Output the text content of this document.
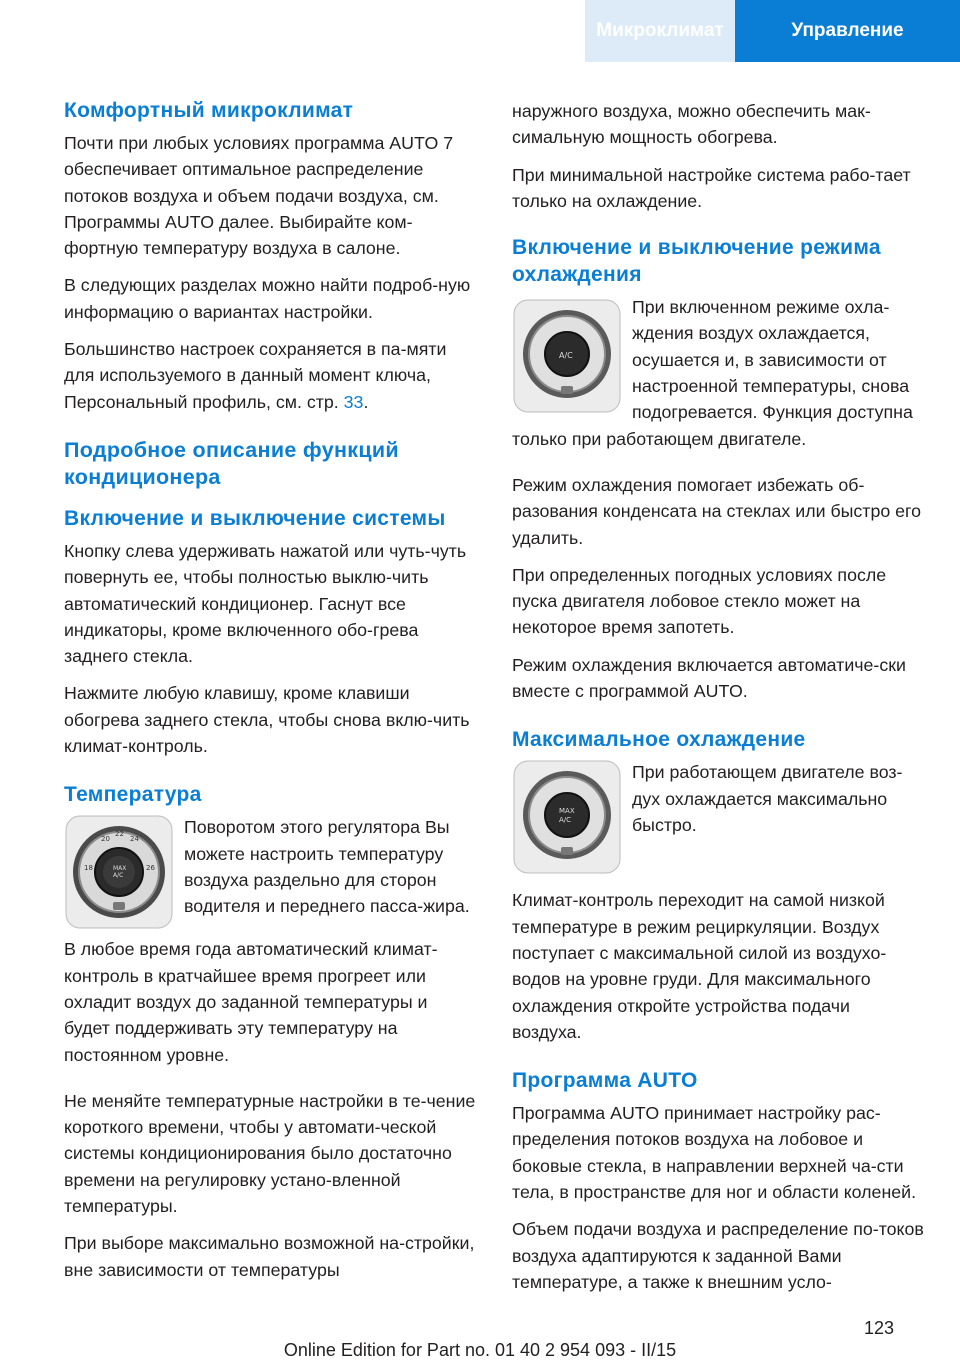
Микроклимат	Управление
Комфортный микроклимат

Почти при любых условиях программа AUTO 7 обеспечивает оптимальное распределение потоков воздуха и объем подачи воздуха, см. Программы AUTO далее. Выбирайте ком-фортную температуру воздуха в салоне.

В следующих разделах можно найти подроб-ную информацию о вариантах настройки.

Большинство настроек сохраняется в па-мяти для используемого в данный момент ключа, Персональный профиль, см. стр. 33.

Подробное описание функций кондиционера
Включение и выключение системы

Кнопку слева удерживать нажатой или чуть-чуть повернуть ее, чтобы полностью выклю-чить автоматический кондиционер. Гаснут все индикаторы, кроме включенного обо-грева заднего стекла.

Нажмите любую клавишу, кроме клавиши обогрева заднего стекла, чтобы снова вклю-чить климат-контроль.

Температура
20
22
24
18	26
MAX
A/C

Поворотом этого регулятора Вы можете настроить температуру воздуха раздельно для сторон водителя и переднего пасса-жира.

В любое время года автоматический климат-контроль в кратчайшее время прогреет или охладит воздух до заданной температуры и будет поддерживать эту температуру на постоянном уровне.

Не меняйте температурные настройки в те-чение короткого времени, чтобы у автомати-ческой системы кондиционирования было достаточно времени на регулировку устано-вленной температуры.

При выборе максимально возможной на-стройки, вне зависимости от температуры

наружного воздуха, можно обеспечить мак-симальную мощность обогрева.

При минимальной настройке система рабо-тает только на охлаждение.

Включение и выключение режима охлаждения
A/C

При включенном режиме охла-ждения воздух охлаждается, осушается и, в зависимости от настроенной температуры, снова подогревается. Функция доступна только при работающем двигателе.

Режим охлаждения помогает избежать об-разования конденсата на стеклах или быстро его удалить.

При определенных погодных условиях после пуска двигателя лобовое стекло может на некоторое время запотеть.

Режим охлаждения включается автоматиче-ски вместе с программой AUTO.

Максимальное охлаждение
MAX
A/C

При работающем двигателе воз-дух охлаждается максимально быстро.

Климат-контроль переходит на самой низкой температуре в режим рециркуляции. Воздух поступает с максимальной силой из воздухо-водов на уровне груди. Для максимального охлаждения откройте устройства подачи воздуха.

Программа AUTO

Программа AUTO принимает настройку рас-пределения потоков воздуха на лобовое и боковые стекла, в направлении верхней ча-сти тела, в пространстве для ног и области коленей.

Объем подачи воздуха и распределение по-токов воздуха адаптируются к заданной Вами температуре, а также к внешним усло-

123
Online Edition for Part no. 01 40 2 954 093 - II/15
